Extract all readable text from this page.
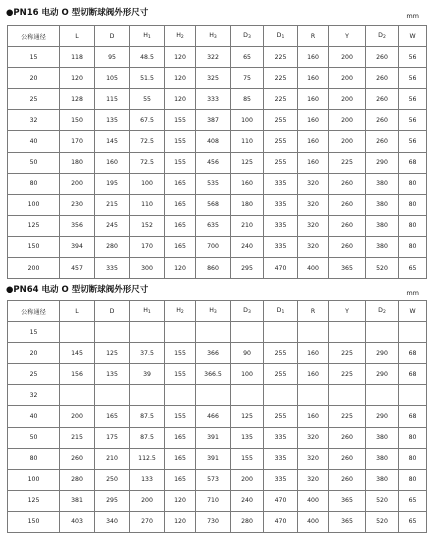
●PN16 电动 O 型切断球阀外形尺寸	mm
公称通径	L	D	$H_1$	$H_2$	$H_3$	$D_3$	$D_1$	R	Y	$D_2$	W
15	118	95	48.5	120	322	65	225	160	200	260	56
20	120	105	51.5	120	325	75	225	160	200	260	56
25	128	115	55	120	333	85	225	160	200	260	56
32	150	135	67.5	155	387	100	255	160	200	260	56
40	170	145	72.5	155	408	110	255	160	200	260	56
50	180	160	72.5	155	456	125	255	160	225	290	68
80	200	195	100	165	535	160	335	320	260	380	80
100	230	215	110	165	568	180	335	320	260	380	80
125	356	245	152	165	635	210	335	320	260	380	80
150	394	280	170	165	700	240	335	320	260	380	80
200	457	335	300	120	860	295	470	400	365	520	65
●PN64 电动 O 型切断球阀外形尺寸	mm
公称通径	L	D	$H_1$	$H_2$	$H_3$	$D_3$	$D_1$	R	Y	$D_2$	W
15											
20	145	125	37.5	155	366	90	255	160	225	290	68
25	156	135	39	155	366.5	100	255	160	225	290	68
32											
40	200	165	87.5	155	466	125	255	160	225	290	68
50	215	175	87.5	165	391	135	335	320	260	380	80
80	260	210	112.5	165	391	155	335	320	260	380	80
100	280	250	133	165	573	200	335	320	260	380	80
125	381	295	200	120	710	240	470	400	365	520	65
150	403	340	270	120	730	280	470	400	365	520	65
